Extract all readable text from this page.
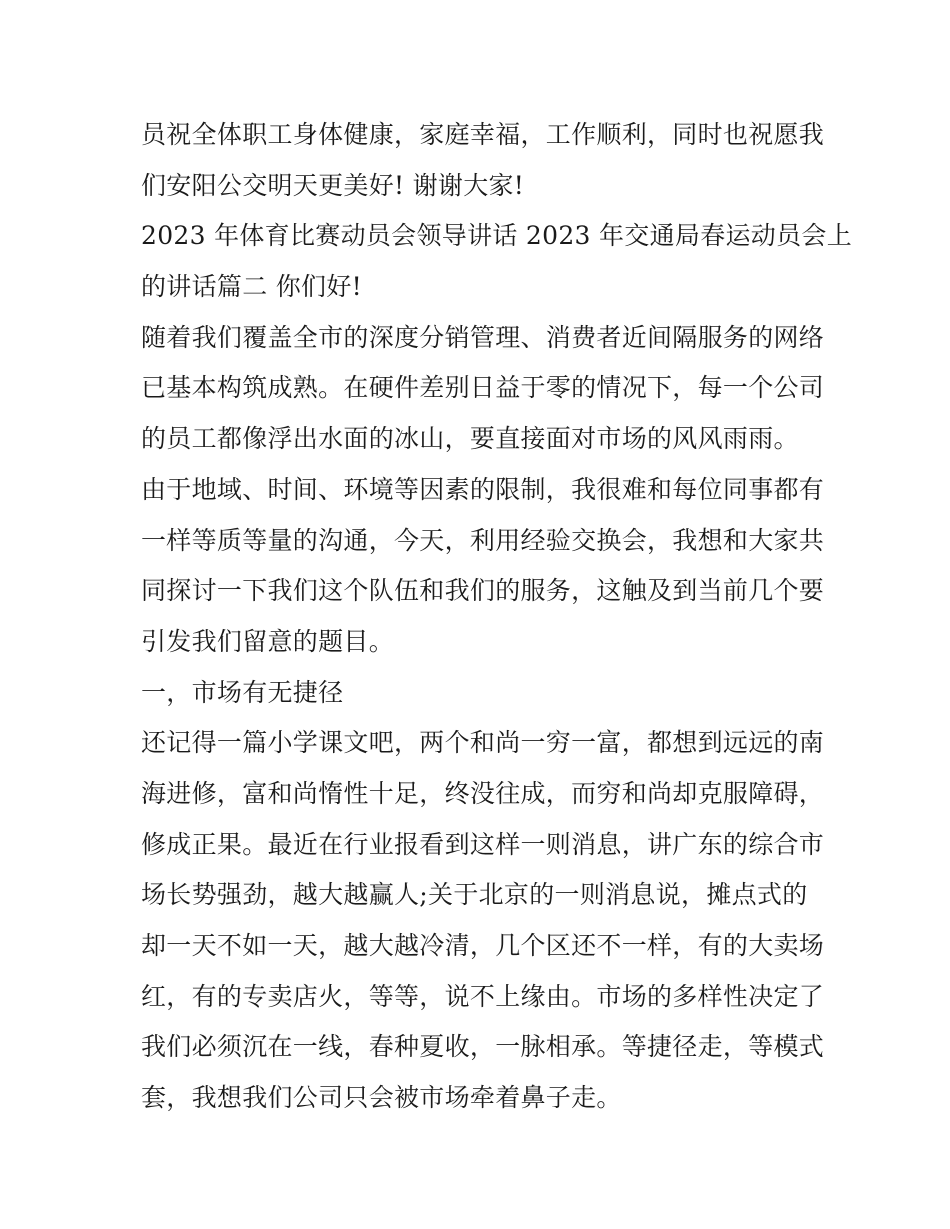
员祝全体职工身体健康，家庭幸福，工作顺利，同时也祝愿我
们安阳公交明天更美好! 谢谢大家!
2023 年体育比赛动员会领导讲话 2023 年交通局春运动员会上
的讲话篇二 你们好!
随着我们覆盖全市的深度分销管理、消费者近间隔服务的网络
已基本构筑成熟。在硬件差别日益于零的情况下，每一个公司
的员工都像浮出水面的冰山，要直接面对市场的风风雨雨。
由于地域、时间、环境等因素的限制，我很难和每位同事都有
一样等质等量的沟通，今天，利用经验交换会，我想和大家共
同探讨一下我们这个队伍和我们的服务，这触及到当前几个要
引发我们留意的题目。
一，市场有无捷径
还记得一篇小学课文吧，两个和尚一穷一富，都想到远远的南
海进修，富和尚惰性十足，终没往成，而穷和尚却克服障碍，
修成正果。最近在行业报看到这样一则消息，讲广东的综合市
场长势强劲，越大越赢人;关于北京的一则消息说，摊点式的
却一天不如一天，越大越冷清，几个区还不一样，有的大卖场
红，有的专卖店火，等等，说不上缘由。市场的多样性决定了
我们必须沉在一线，春种夏收，一脉相承。等捷径走，等模式
套，我想我们公司只会被市场牵着鼻子走。
